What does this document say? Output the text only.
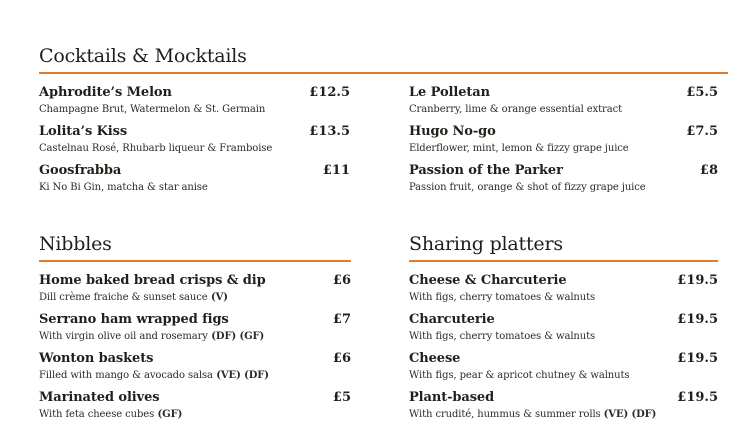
Cocktails & Mocktails
Aphrodite’s Melon	£12.5
Champagne Brut, Watermelon & St. Germain
Lolita’s Kiss	£13.5
Castelnau Rosé, Rhubarb liqueur & Framboise
Goosfrabba	£11
Ki No Bi Gin, matcha & star anise
Le Polletan	£5.5
Cranberry, lime & orange essential extract
Hugo No-go	£7.5
Elderflower, mint, lemon & fizzy grape juice
Passion of the Parker	£8
Passion fruit, orange & shot of fizzy grape juice
Nibbles
Home baked bread crisps & dip	£6
Dill crème fraiche & sunset sauce (V)
Serrano ham wrapped figs	£7
With virgin olive oil and rosemary (DF) (GF)
Wonton baskets	£6
Filled with mango & avocado salsa (VE) (DF)
Marinated olives	£5
With feta cheese cubes (GF)
Sharing platters
Cheese & Charcuterie	£19.5
With figs, cherry tomatoes & walnuts
Charcuterie	£19.5
With figs, cherry tomatoes & walnuts
Cheese	£19.5
With figs, pear & apricot chutney & walnuts
Plant-based	£19.5
With crudité, hummus & summer rolls (VE) (DF)
